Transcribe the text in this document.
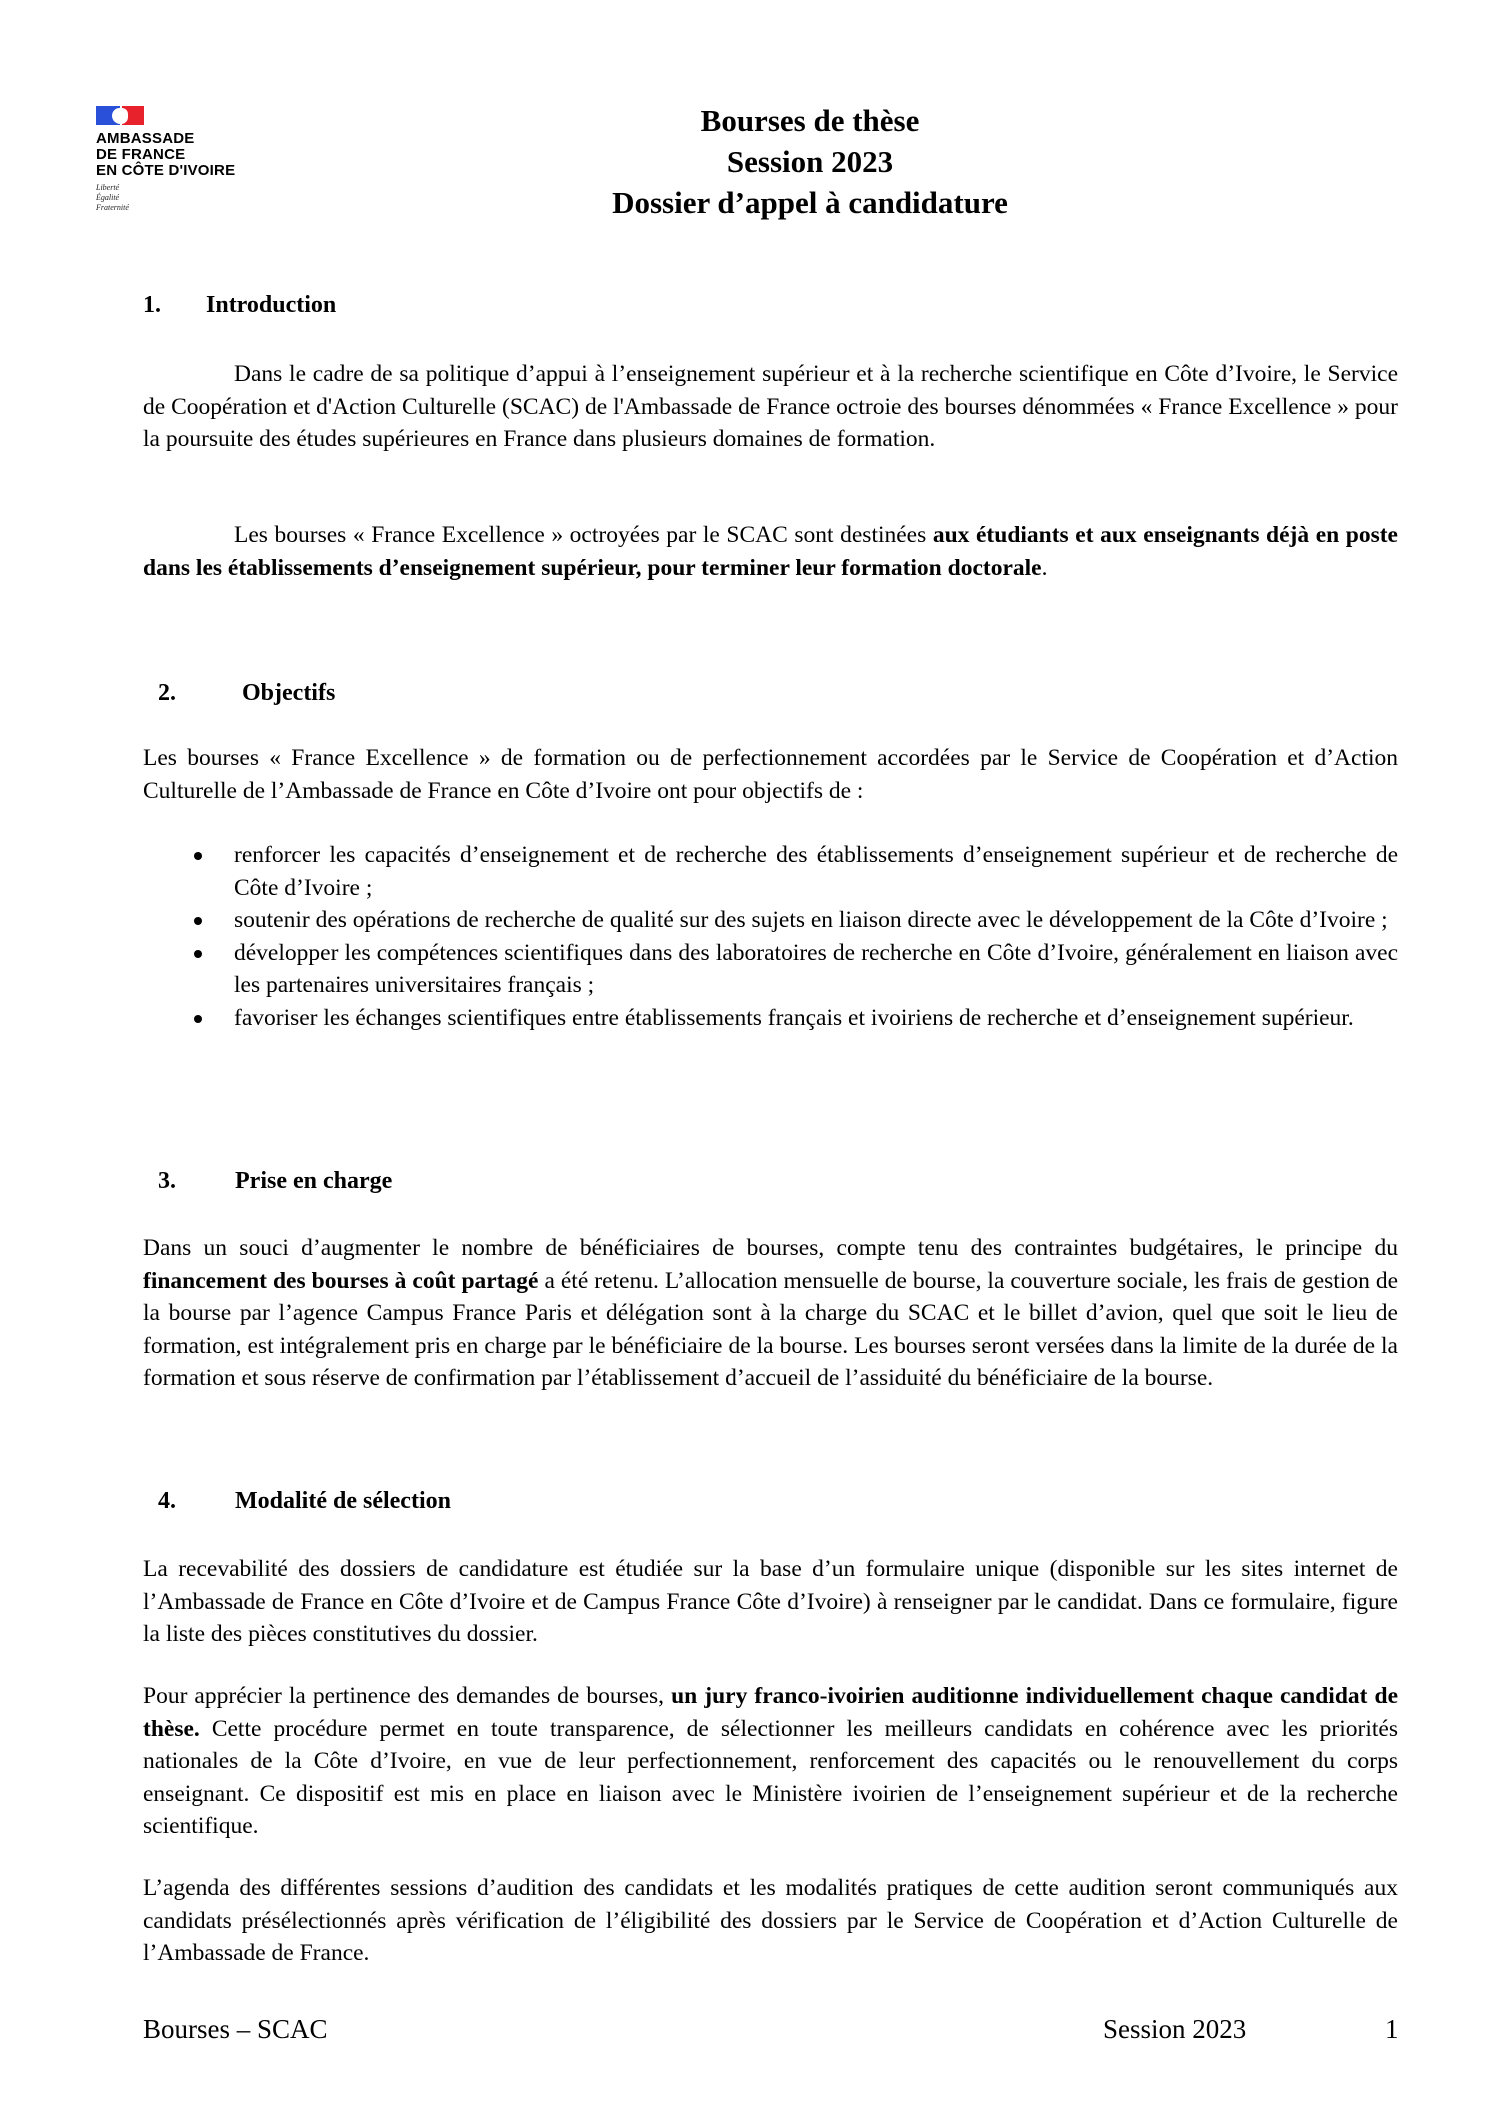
AMBASSADE
DE FRANCE
EN CÔTE D'IVOIRE
Liberté
Égalité
Fraternité
Bourses de thèse
Session 2023
Dossier d’appel à candidature
1. Introduction
Dans le cadre de sa politique d’appui à l’enseignement supérieur et à la recherche scientifique en Côte d’Ivoire, le Service de Coopération et d'Action Culturelle (SCAC) de l'Ambassade de France octroie des bourses dénommées « France Excellence » pour la poursuite des études supérieures en France dans plusieurs domaines de formation.
Les bourses « France Excellence » octroyées par le SCAC sont destinées aux étudiants et aux enseignants déjà en poste dans les établissements d’enseignement supérieur, pour terminer leur formation doctorale.
2.	Objectifs
Les bourses « France Excellence » de formation ou de perfectionnement accordées par le Service de Coopération et d’Action Culturelle de l’Ambassade de France en Côte d’Ivoire ont pour objectifs de :
renforcer les capacités d’enseignement et de recherche des établissements d’enseignement supérieur et de recherche de Côte d’Ivoire ;
soutenir des opérations de recherche de qualité sur des sujets en liaison directe avec le développement de la Côte d’Ivoire ;
développer les compétences scientifiques dans des laboratoires de recherche en Côte d’Ivoire, généralement en liaison avec les partenaires universitaires français ;
favoriser les échanges scientifiques entre établissements français et ivoiriens de recherche et d’enseignement supérieur.
3. Prise en charge
Dans un souci d’augmenter le nombre de bénéficiaires de bourses, compte tenu des contraintes budgétaires, le principe du financement des bourses à coût partagé a été retenu. L’allocation mensuelle de bourse, la couverture sociale, les frais de gestion de la bourse par l’agence Campus France Paris et délégation sont à la charge du SCAC et le billet d’avion, quel que soit le lieu de formation, est intégralement pris en charge par le bénéficiaire de la bourse. Les bourses seront versées dans la limite de la durée de la formation et sous réserve de confirmation par l’établissement d’accueil de l’assiduité du bénéficiaire de la bourse.
4. Modalité de sélection
La recevabilité des dossiers de candidature est étudiée sur la base d’un formulaire unique (disponible sur les sites internet de l’Ambassade de France en Côte d’Ivoire et de Campus France Côte d’Ivoire) à renseigner par le candidat. Dans ce formulaire, figure la liste des pièces constitutives du dossier.
Pour apprécier la pertinence des demandes de bourses, un jury franco-ivoirien auditionne individuellement chaque candidat de thèse. Cette procédure permet en toute transparence, de sélectionner les meilleurs candidats en cohérence avec les priorités nationales de la Côte d’Ivoire, en vue de leur perfectionnement, renforcement des capacités ou le renouvellement du corps enseignant. Ce dispositif est mis en place en liaison avec le Ministère ivoirien de l’enseignement supérieur et de la recherche scientifique.
L’agenda des différentes sessions d’audition des candidats et les modalités pratiques de cette audition seront communiqués aux candidats présélectionnés après vérification de l’éligibilité des dossiers par le Service de Coopération et d’Action Culturelle de l’Ambassade de France.
Bourses – SCAC	Session 2023	1
